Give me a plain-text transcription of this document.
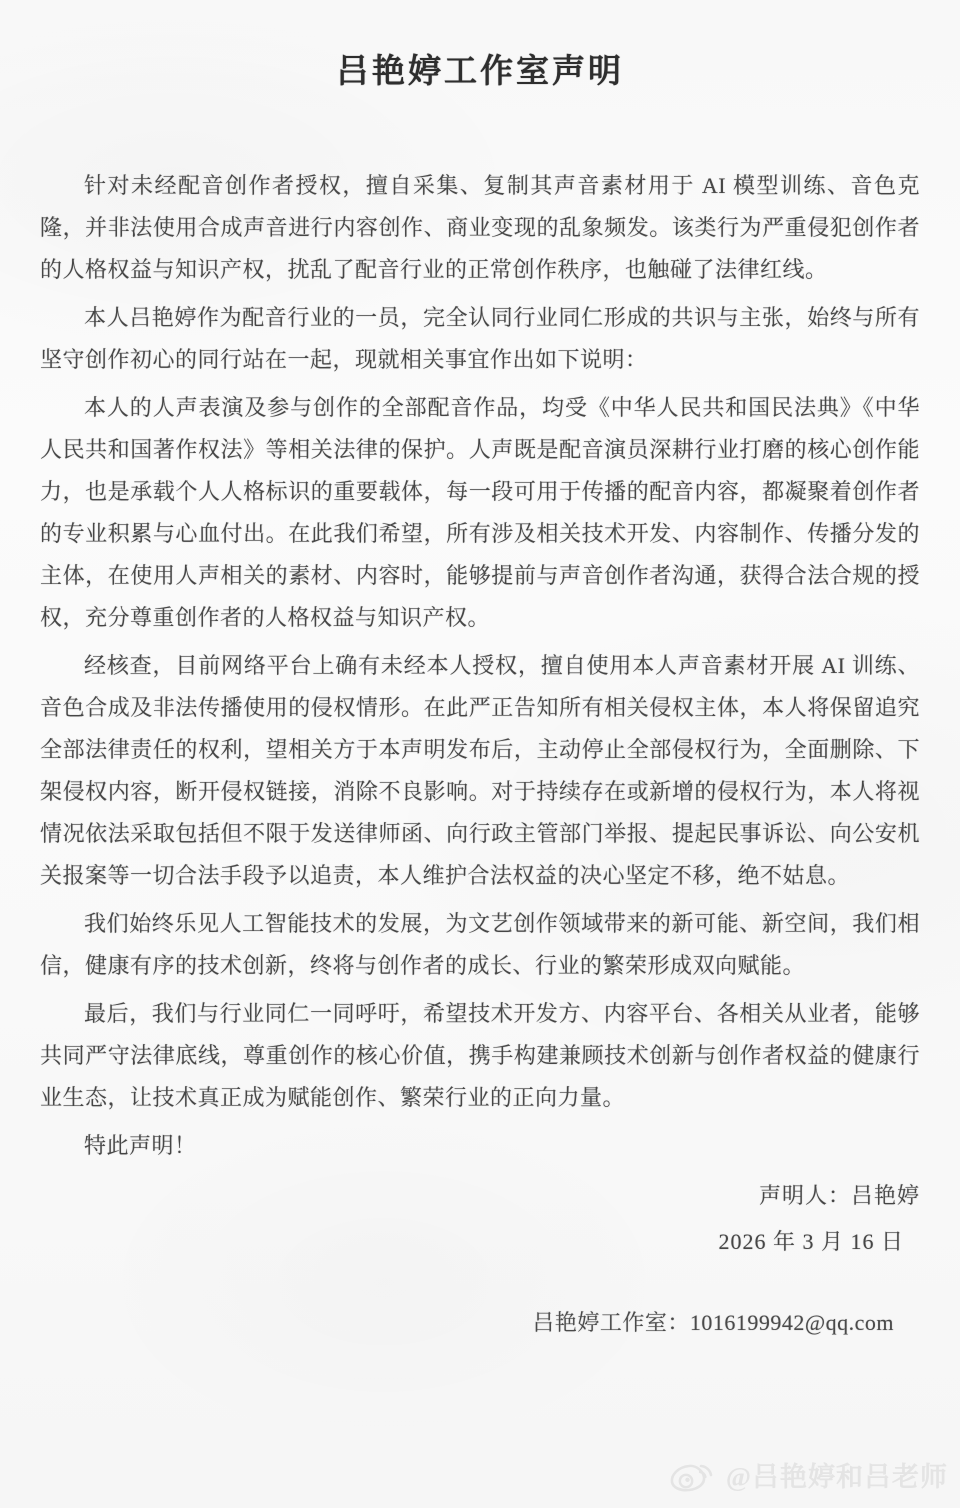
吕艳婷工作室声明

针对未经配音创作者授权，擅自采集、复制其声音素材用于 AI 模型训练、音色克隆，并非法使用合成声音进行内容创作、商业变现的乱象频发。该类行为严重侵犯创作者的人格权益与知识产权，扰乱了配音行业的正常创作秩序，也触碰了法律红线。

本人吕艳婷作为配音行业的一员，完全认同行业同仁形成的共识与主张，始终与所有坚守创作初心的同行站在一起，现就相关事宜作出如下说明：

本人的人声表演及参与创作的全部配音作品，均受《中华人民共和国民法典》《中华人民共和国著作权法》等相关法律的保护。人声既是配音演员深耕行业打磨的核心创作能力，也是承载个人人格标识的重要载体，每一段可用于传播的配音内容，都凝聚着创作者的专业积累与心血付出。在此我们希望，所有涉及相关技术开发、内容制作、传播分发的主体，在使用人声相关的素材、内容时，能够提前与声音创作者沟通，获得合法合规的授权，充分尊重创作者的人格权益与知识产权。

经核查，目前网络平台上确有未经本人授权，擅自使用本人声音素材开展 AI 训练、音色合成及非法传播使用的侵权情形。在此严正告知所有相关侵权主体，本人将保留追究全部法律责任的权利，望相关方于本声明发布后，主动停止全部侵权行为，全面删除、下架侵权内容，断开侵权链接，消除不良影响。对于持续存在或新增的侵权行为，本人将视情况依法采取包括但不限于发送律师函、向行政主管部门举报、提起民事诉讼、向公安机关报案等一切合法手段予以追责，本人维护合法权益的决心坚定不移，绝不姑息。

我们始终乐见人工智能技术的发展，为文艺创作领域带来的新可能、新空间，我们相信，健康有序的技术创新，终将与创作者的成长、行业的繁荣形成双向赋能。

最后，我们与行业同仁一同呼吁，希望技术开发方、内容平台、各相关从业者，能够共同严守法律底线，尊重创作的核心价值，携手构建兼顾技术创新与创作者权益的健康行业生态，让技术真正成为赋能创作、繁荣行业的正向力量。

特此声明！

声明人：吕艳婷
2026 年 3 月 16 日
吕艳婷工作室：1016199942@qq.com
@吕艳婷和吕老师
